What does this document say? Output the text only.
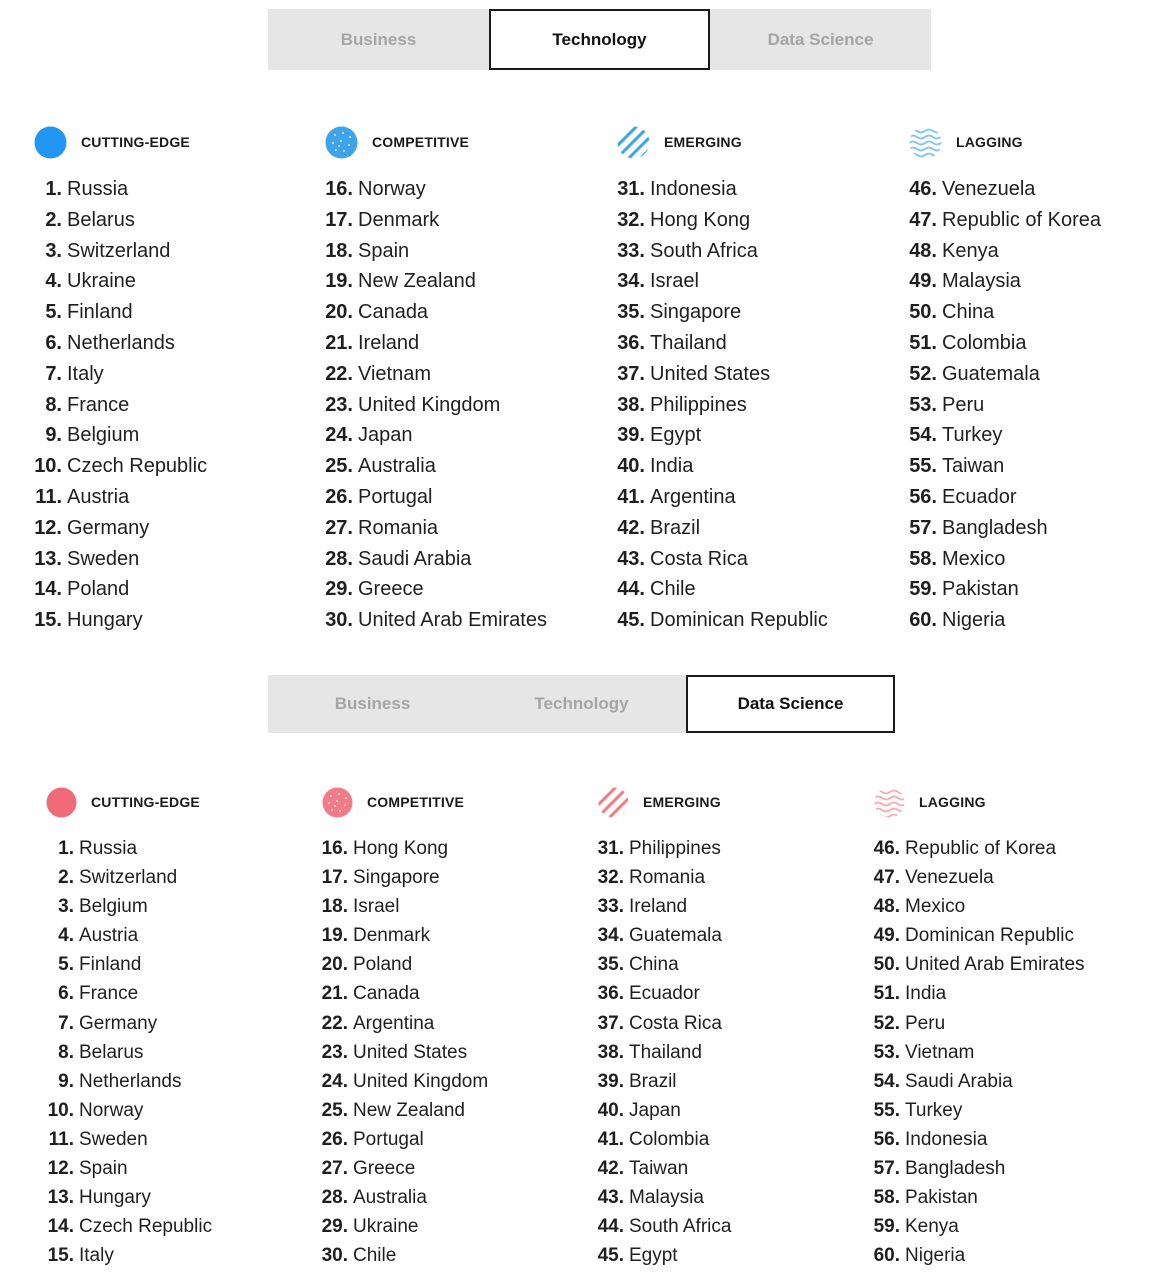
Business	Technology	Data Science
CUTTING-EDGE
1. Russia
2. Belarus
3. Switzerland
4. Ukraine
5. Finland
6. Netherlands
7. Italy
8. France
9. Belgium
10. Czech Republic
11. Austria
12. Germany
13. Sweden
14. Poland
15. Hungary
COMPETITIVE
16. Norway
17. Denmark
18. Spain
19. New Zealand
20. Canada
21. Ireland
22. Vietnam
23. United Kingdom
24. Japan
25. Australia
26. Portugal
27. Romania
28. Saudi Arabia
29. Greece
30. United Arab Emirates
EMERGING
31. Indonesia
32. Hong Kong
33. South Africa
34. Israel
35. Singapore
36. Thailand
37. United States
38. Philippines
39. Egypt
40. India
41. Argentina
42. Brazil
43. Costa Rica
44. Chile
45. Dominican Republic
LAGGING
46. Venezuela
47. Republic of Korea
48. Kenya
49. Malaysia
50. China
51. Colombia
52. Guatemala
53. Peru
54. Turkey
55. Taiwan
56. Ecuador
57. Bangladesh
58. Mexico
59. Pakistan
60. Nigeria
Business	Technology	Data Science
CUTTING-EDGE
1. Russia
2. Switzerland
3. Belgium
4. Austria
5. Finland
6. France
7. Germany
8. Belarus
9. Netherlands
10. Norway
11. Sweden
12. Spain
13. Hungary
14. Czech Republic
15. Italy
COMPETITIVE
16. Hong Kong
17. Singapore
18. Israel
19. Denmark
20. Poland
21. Canada
22. Argentina
23. United States
24. United Kingdom
25. New Zealand
26. Portugal
27. Greece
28. Australia
29. Ukraine
30. Chile
EMERGING
31. Philippines
32. Romania
33. Ireland
34. Guatemala
35. China
36. Ecuador
37. Costa Rica
38. Thailand
39. Brazil
40. Japan
41. Colombia
42. Taiwan
43. Malaysia
44. South Africa
45. Egypt
LAGGING
46. Republic of Korea
47. Venezuela
48. Mexico
49. Dominican Republic
50. United Arab Emirates
51. India
52. Peru
53. Vietnam
54. Saudi Arabia
55. Turkey
56. Indonesia
57. Bangladesh
58. Pakistan
59. Kenya
60. Nigeria
